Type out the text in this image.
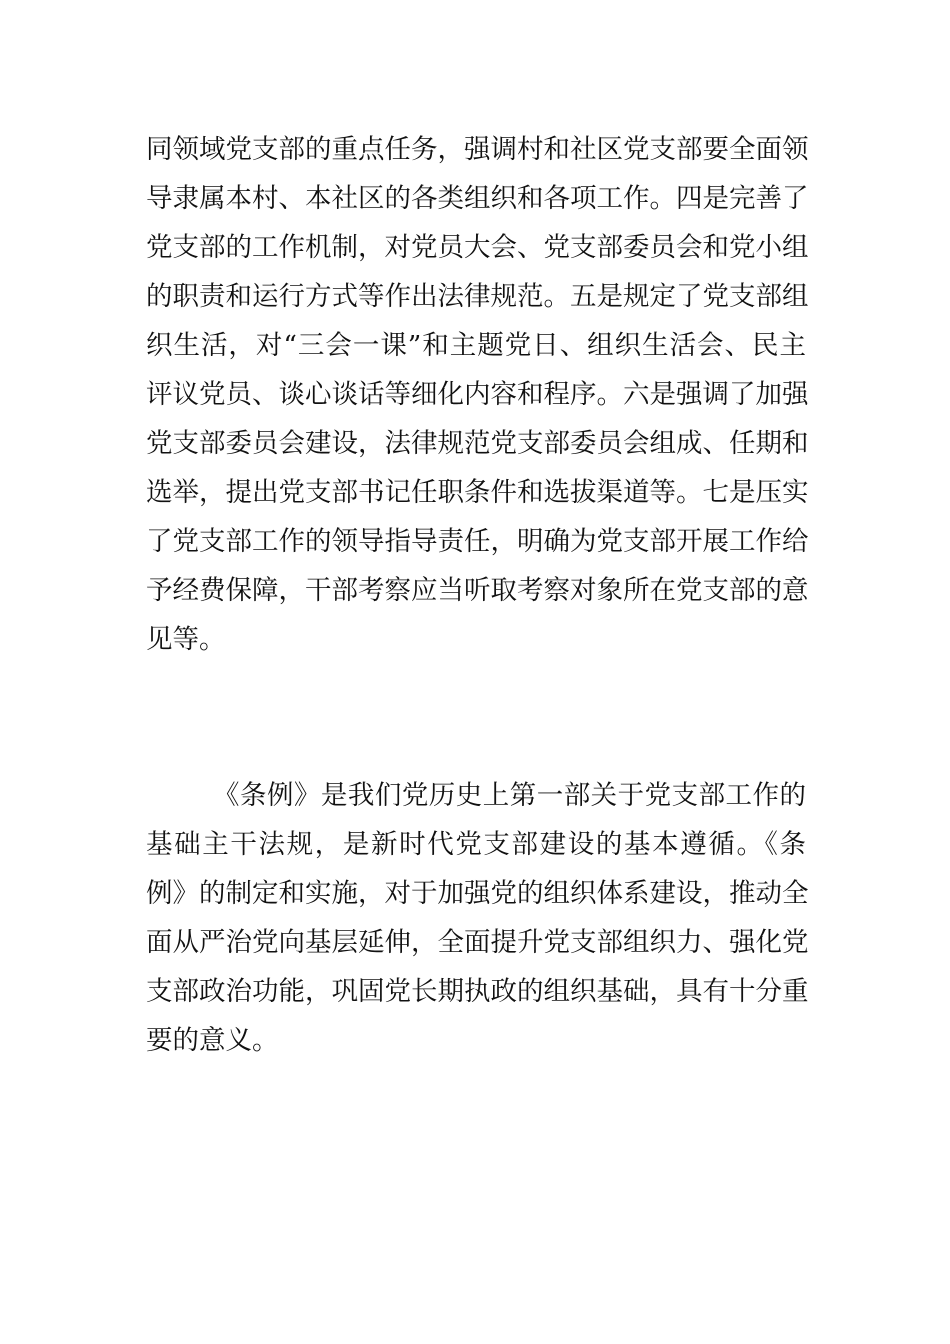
同领域党支部的重点任务，强调村和社区党支部要全面领
导隶属本村、本社区的各类组织和各项工作。四是完善了
党支部的工作机制，对党员大会、党支部委员会和党小组
的职责和运行方式等作出法律规范。五是规定了党支部组
织生活，对“三会一课”和主题党日、组织生活会、民主
评议党员、谈心谈话等细化内容和程序。六是强调了加强
党支部委员会建设，法律规范党支部委员会组成、任期和
选举，提出党支部书记任职条件和选拔渠道等。七是压实
了党支部工作的领导指导责任，明确为党支部开展工作给
予经费保障，干部考察应当听取考察对象所在党支部的意
见等。
《条例》是我们党历史上第一部关于党支部工作的
基础主干法规，是新时代党支部建设的基本遵循。《条
例》的制定和实施，对于加强党的组织体系建设，推动全
面从严治党向基层延伸，全面提升党支部组织力、强化党
支部政治功能，巩固党长期执政的组织基础，具有十分重
要的意义。
